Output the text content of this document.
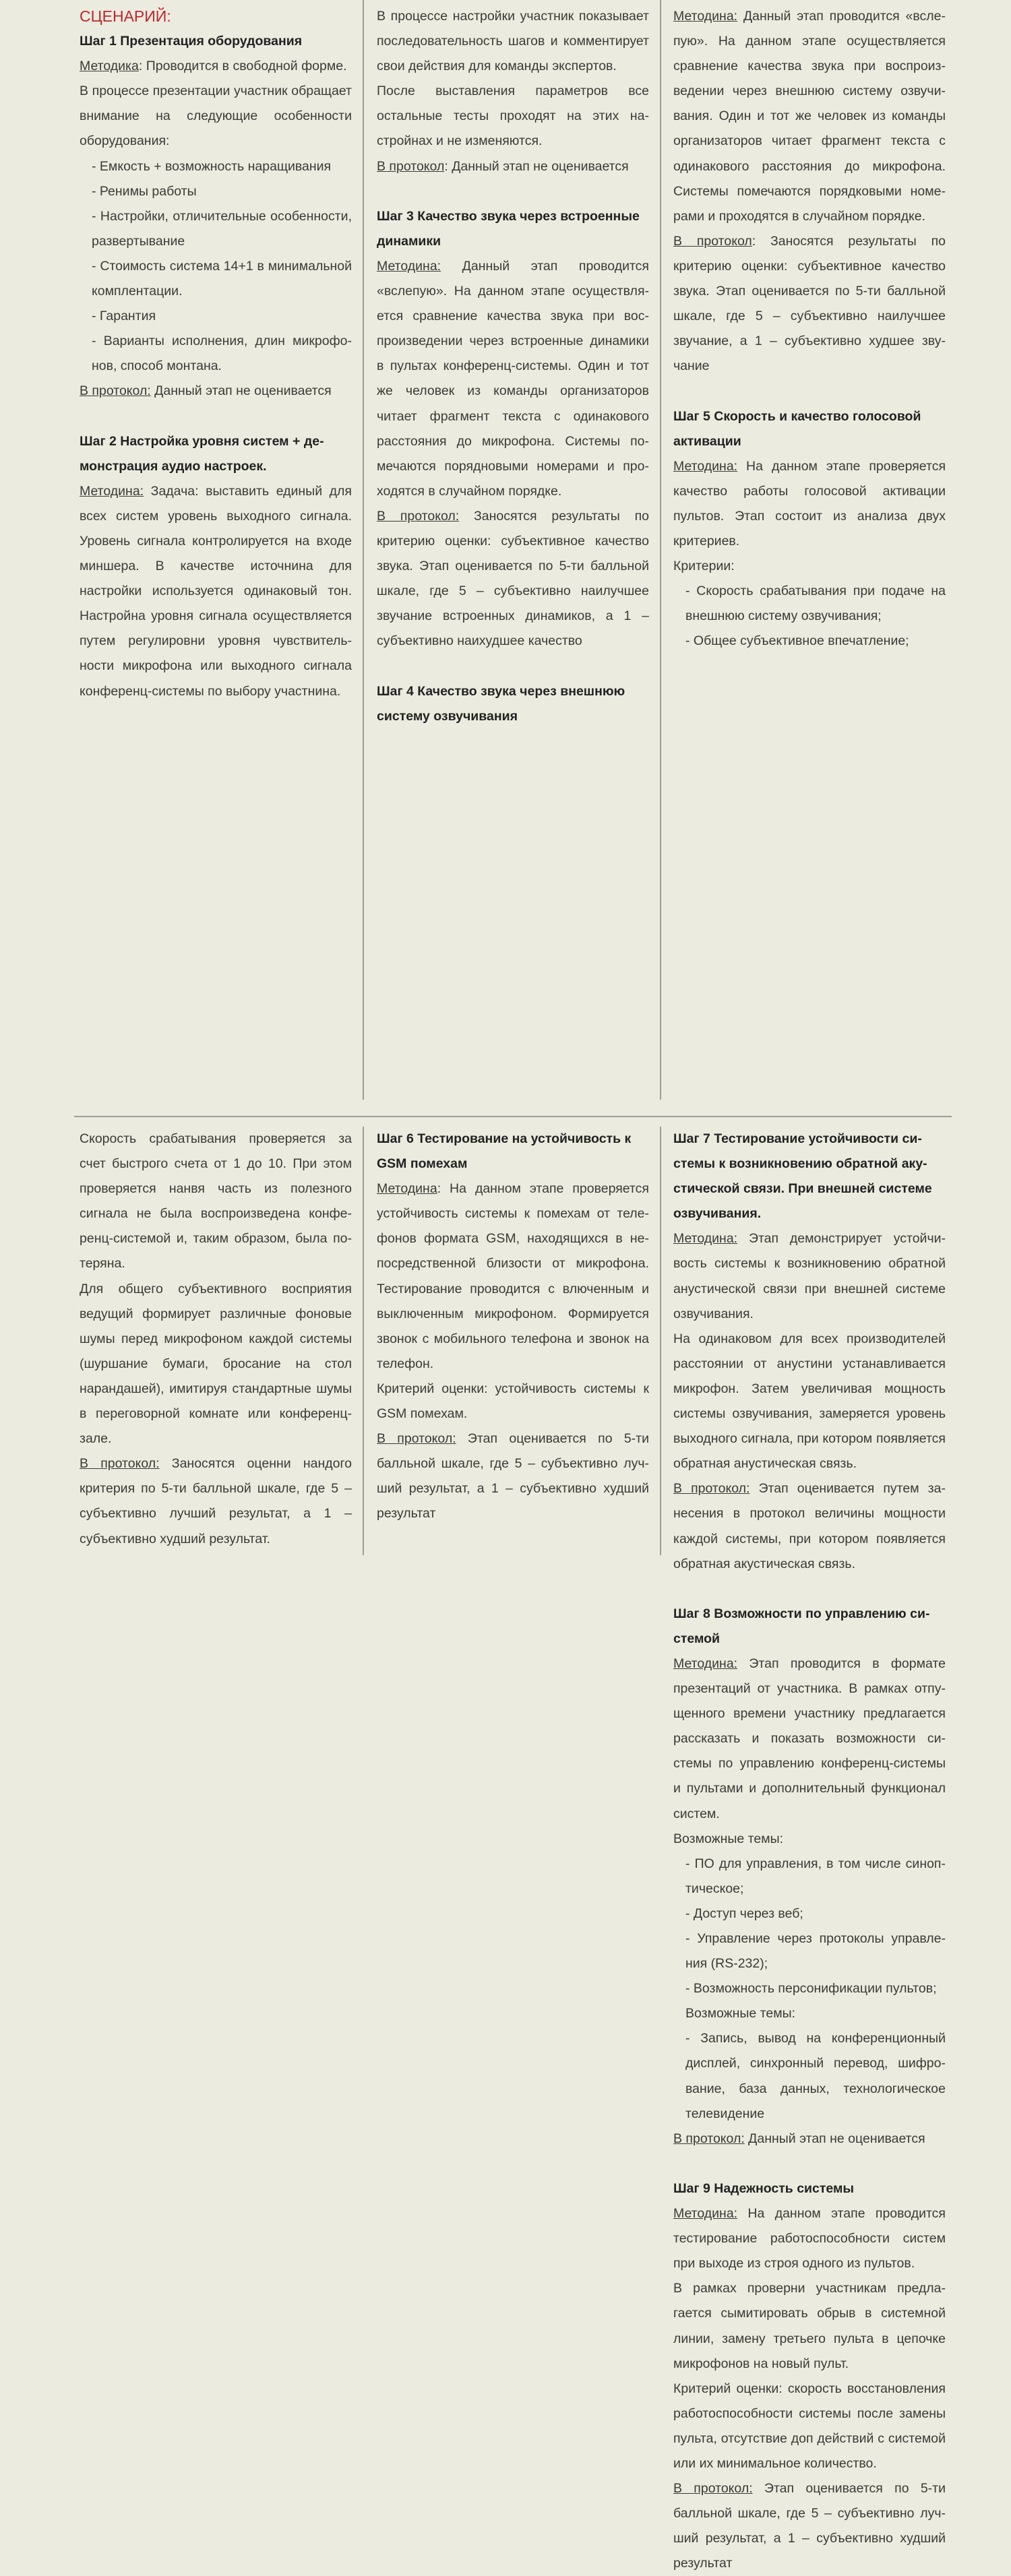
СЦЕНАРИЙ:

Шаг 1 Презентация оборудования

Методика: Проводится в свободной форме.

В процессе презентации участник обращает внимание на следующие особенности оборудования:

- Емкость + возможность наращивания

- Ренимы работы

- Настройки, отличительные особенности, развертывание

- Стоимость система 14+1 в минимальной комплентации.

- Гарантия

- Варианты исполнения, длин микрофонов, способ монтана.

В протокол: Данный этап не оценивается

Шаг 2 Настройка уровня систем + демонстрация аудио настроек.

Методина: Задача: выставить единый для всех систем уровень выходного сигнала. Уровень сигнала контролируется на входе миншера. В качестве источнина для настройки используется одинаковый тон. Настройна уровня сигнала осуществляется путем регулировни уровня чувствительности микрофона или выходного сигнала конференц-системы по выбору участнина.

В процессе настройки участник показывает последовательность шагов и комментирует свои действия для команды экспертов.

После выставления параметров все остальные тесты проходят на этих настройнах и не изменяются.

В протокол: Данный этап не оценивается

Шаг 3 Качество звука через встроенные динамики

Методина: Данный этап проводится «вслепую». На данном этапе осуществляется сравнение качества звука при воспроизведении через встроенные динамики в пультах конференц-системы. Один и тот же человек из команды организаторов читает фрагмент текста с одинакового расстояния до микрофона. Системы помечаются порядновыми номерами и проходятся в случайном порядке.

В протокол: Заносятся результаты по критерию оценки: субъективное качество звука. Этап оценивается по 5-ти балльной шкале, где 5 – субъективно наилучшее звучание встроенных динамиков, а 1 – субъективно наихудшее качество

Шаг 4 Качество звука через внешнюю систему озвучивания

Методина: Данный этап проводится «вслепую». На данном этапе осуществляется сравнение качества звука при воспроизведении через внешнюю систему озвучивания. Один и тот же человек из команды организаторов читает фрагмент текста с одинакового расстояния до микрофона. Системы помечаются порядковыми номерами и проходятся в случайном порядке.

В протокол: Заносятся результаты по критерию оценки: субъективное качество звука. Этап оценивается по 5-ти балльной шкале, где 5 – субъективно наилучшее звучание, а 1 – субъективно худшее звучание

Шаг 5 Скорость и качество голосовой активации

Методина: На данном этапе проверяется качество работы голосовой активации пультов. Этап состоит из анализа двух критериев.

Критерии:

- Скорость срабатывания при подаче на внешнюю систему озвучивания;

- Общее субъективное впечатление;

Скорость срабатывания проверяется за счет быстрого счета от 1 до 10. При этом проверяется нанвя часть из полезного сигнала не была воспроизведена конференц-системой и, таким образом, была потеряна.

Для общего субъективного восприятия ведущий формирует различные фоновые шумы перед микрофоном каждой системы (шуршание бумаги, бросание на стол нарандашей), имитируя стандартные шумы в переговорной комнате или конференц-зале.

В протокол: Заносятся оценни нандого критерия по 5-ти балльной шкале, где 5 – субъективно лучший результат, а 1 – субъективно худший результат.

Шаг 6 Тестирование на устойчивость к GSM помехам

Методина: На данном этапе проверяется устойчивость системы к помехам от телефонов формата GSM, находящихся в непосредственной близости от микрофона. Тестирование проводится с влюченным и выключенным микрофоном. Формируется звонок с мобильного телефона и звонок на телефон.

Критерий оценки: устойчивость системы к GSM помехам.

В протокол: Этап оценивается по 5-ти балльной шкале, где 5 – субъективно лучший результат, а 1 – субъективно худший результат

Шаг 7 Тестирование устойчивости системы к возникновению обратной акустической связи. При внешней системе озвучивания.

Методина: Этап демонстрирует устойчивость системы к возникновению обратной анустической связи при внешней системе озвучивания.

На одинаковом для всех производителей расстоянии от анустини устанавливается микрофон. Затем увеличивая мощность системы озвучивания, замеряется уровень выходного сигнала, при котором появляется обратная анустическая связь.

В протокол: Этап оценивается путем занесения в протокол величины мощности каждой системы, при котором появляется обратная акустическая связь.

Шаг 8 Возможности по управлению системой

Методина: Этап проводится в формате презентаций от участника. В рамках отпущенного времени участнику предлагается рассказать и показать возможности системы по управлению конференц-системы и пультами и дополнительный функционал систем.

Возможные темы:

- ПО для управления, в том числе синоптическое;

- Доступ через веб;

- Управление через протоколы управления (RS-232);

- Возможность персонификации пультов;

Возможные темы:

- Запись, вывод на конференционный дисплей, синхронный перевод, шифрование, база данных, технологическое телевидение

В протокол: Данный этап не оценивается

Шаг 9 Надежность системы

Методина: На данном этапе проводится тестирование работоспособности систем при выходе из строя одного из пультов.

В рамках проверни участникам предлагается сымитировать обрыв в системной линии, замену третьего пульта в цепочке микрофонов на новый пульт.

Критерий оценки: скорость восстановления работоспособности системы после замены пульта, отсутствие доп действий с системой или их минимальное количество.

В протокол: Этап оценивается по 5-ти балльной шкале, где 5 – субъективно лучший результат, а 1 – субъективно худший результат
